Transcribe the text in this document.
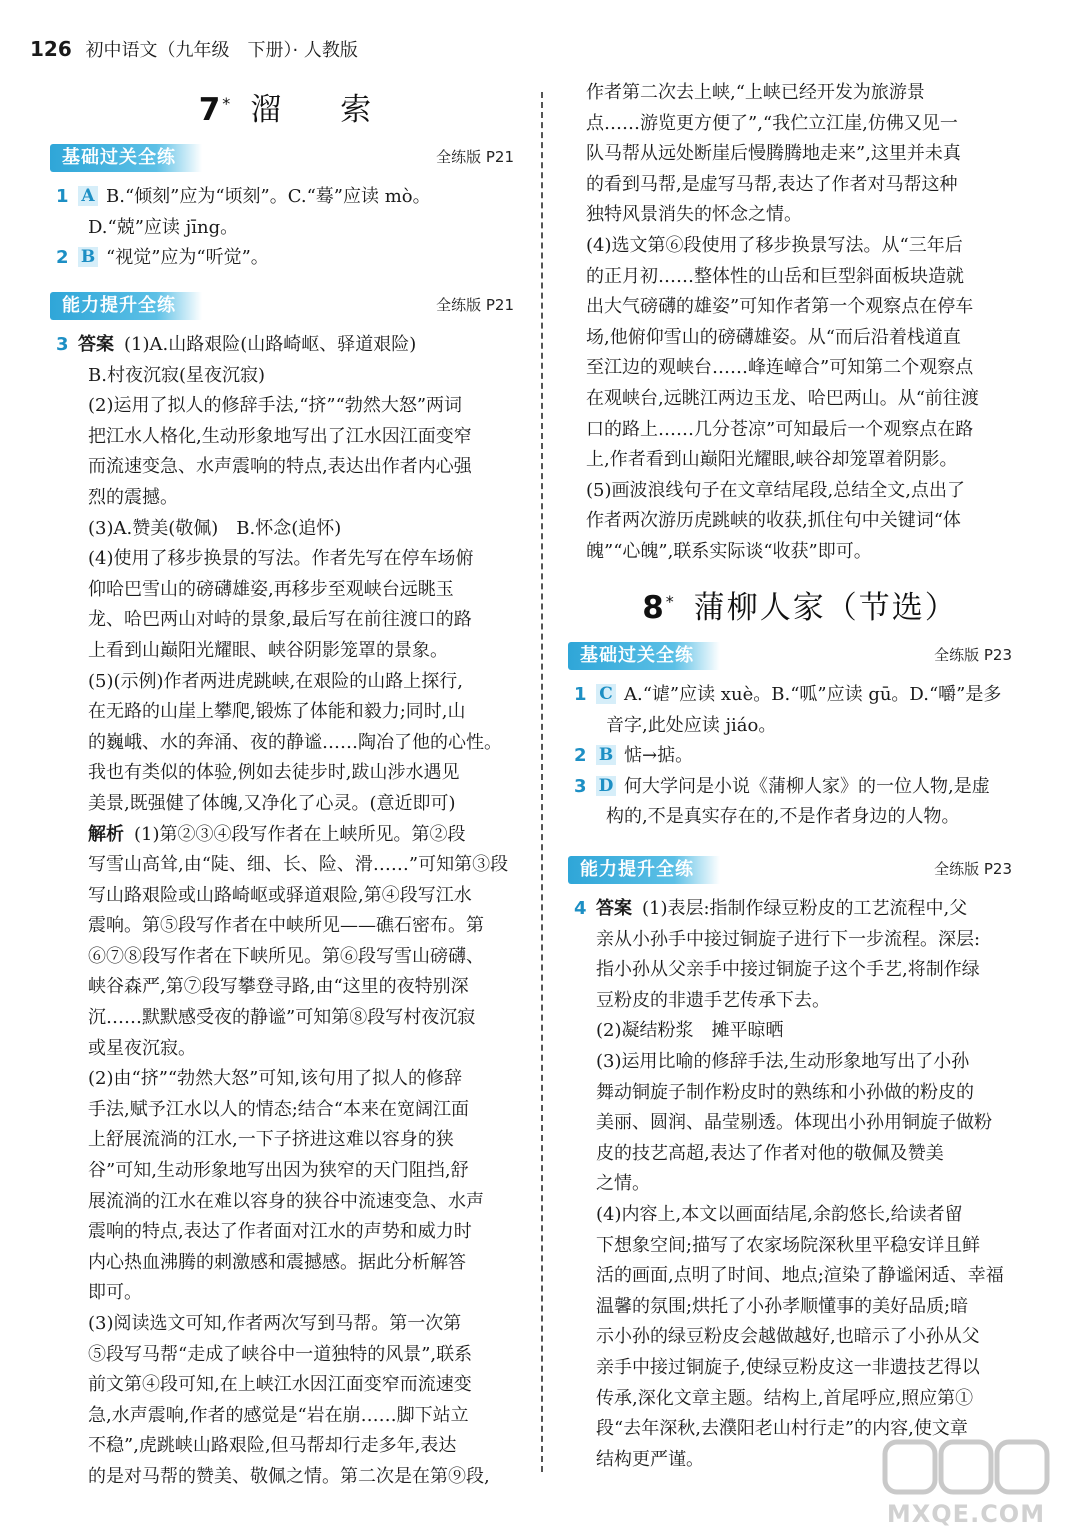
126 初中语文（九年级　下册）· 人教版
7* 溜　索
基础过关全练	全练版 P21

1 A B.“倾刻”应为“顷刻”。C.“蓦”应读 mò。

D.“兢”应读 jīng。

2 B “视觉”应为“听觉”。

能力提升全练	全练版 P21

3 答案 (1)A.山路艰险(山路崎岖、驿道艰险)

B.村夜沉寂(星夜沉寂)

(2)运用了拟人的修辞手法,“挤”“勃然大怒”两词

把江水人格化,生动形象地写出了江水因江面变窄

而流速变急、水声震响的特点,表达出作者内心强

烈的震撼。

(3)A.赞美(敬佩)　B.怀念(追怀)

(4)使用了移步换景的写法。作者先写在停车场俯

仰哈巴雪山的磅礴雄姿,再移步至观峡台远眺玉

龙、哈巴两山对峙的景象,最后写在前往渡口的路

上看到山巅阳光耀眼、峡谷阴影笼罩的景象。

(5)(示例)作者两进虎跳峡,在艰险的山路上探行,

在无路的山崖上攀爬,锻炼了体能和毅力;同时,山

的巍峨、水的奔涌、夜的静谧……陶冶了他的心性。

我也有类似的体验,例如去徒步时,跋山涉水遇见

美景,既强健了体魄,又净化了心灵。(意近即可)

解析 (1)第②③④段写作者在上峡所见。第②段

写雪山高耸,由“陡、细、长、险、滑……”可知第③段

写山路艰险或山路崎岖或驿道艰险,第④段写江水

震响。第⑤段写作者在中峡所见——礁石密布。第

⑥⑦⑧段写作者在下峡所见。第⑥段写雪山磅礴、

峡谷森严,第⑦段写攀登寻路,由“这里的夜特别深

沉……默默感受夜的静谧”可知第⑧段写村夜沉寂

或星夜沉寂。

(2)由“挤”“勃然大怒”可知,该句用了拟人的修辞

手法,赋予江水以人的情态;结合“本来在宽阔江面

上舒展流淌的江水,一下子挤进这难以容身的狭

谷”可知,生动形象地写出因为狭窄的天门阻挡,舒

展流淌的江水在难以容身的狭谷中流速变急、水声

震响的特点,表达了作者面对江水的声势和威力时

内心热血沸腾的刺激感和震撼感。据此分析解答

即可。

(3)阅读选文可知,作者两次写到马帮。第一次第

⑤段写马帮“走成了峡谷中一道独特的风景”,联系

前文第④段可知,在上峡江水因江面变窄而流速变

急,水声震响,作者的感觉是“岩在崩……脚下站立

不稳”,虎跳峡山路艰险,但马帮却行走多年,表达

的是对马帮的赞美、敬佩之情。第二次是在第⑨段,

作者第二次去上峡,“上峡已经开发为旅游景

点……游览更方便了”,“我伫立江崖,仿佛又见一

队马帮从远处断崖后慢腾腾地走来”,这里并未真

的看到马帮,是虚写马帮,表达了作者对马帮这种

独特风景消失的怀念之情。

(4)选文第⑥段使用了移步换景写法。从“三年后

的正月初……整体性的山岳和巨型斜面板块造就

出大气磅礴的雄姿”可知作者第一个观察点在停车

场,他俯仰雪山的磅礴雄姿。从“而后沿着栈道直

至江边的观峡台……峰连嶂合”可知第二个观察点

在观峡台,远眺江两边玉龙、哈巴两山。从“前往渡

口的路上……几分苍凉”可知最后一个观察点在路

上,作者看到山巅阳光耀眼,峡谷却笼罩着阴影。

(5)画波浪线句子在文章结尾段,总结全文,点出了

作者两次游历虎跳峡的收获,抓住句中关键词“体

魄”“心魄”,联系实际谈“收获”即可。

8* 蒲柳人家（节选）
基础过关全练	全练版 P23

1 C A.“谑”应读 xuè。B.“呱”应读 gū。D.“嚼”是多

音字,此处应读 jiáo。

2 B 惦→掂。

3 D 何大学问是小说《蒲柳人家》的一位人物,是虚

构的,不是真实存在的,不是作者身边的人物。

能力提升全练	全练版 P23

4 答案 (1)表层:指制作绿豆粉皮的工艺流程中,父

亲从小孙手中接过铜旋子进行下一步流程。深层:

指小孙从父亲手中接过铜旋子这个手艺,将制作绿

豆粉皮的非遗手艺传承下去。

(2)凝结粉浆　摊平晾晒

(3)运用比喻的修辞手法,生动形象地写出了小孙

舞动铜旋子制作粉皮时的熟练和小孙做的粉皮的

美丽、圆润、晶莹剔透。体现出小孙用铜旋子做粉

皮的技艺高超,表达了作者对他的敬佩及赞美

之情。

(4)内容上,本文以画面结尾,余韵悠长,给读者留

下想象空间;描写了农家场院深秋里平稳安详且鲜

活的画面,点明了时间、地点;渲染了静谧闲适、幸福

温馨的氛围;烘托了小孙孝顺懂事的美好品质;暗

示小孙的绿豆粉皮会越做越好,也暗示了小孙从父

亲手中接过铜旋子,使绿豆粉皮这一非遗技艺得以

传承,深化文章主题。结构上,首尾呼应,照应第①

段“去年深秋,去濮阳老山村行走”的内容,使文章

结构更严谨。

MXQE.COM
